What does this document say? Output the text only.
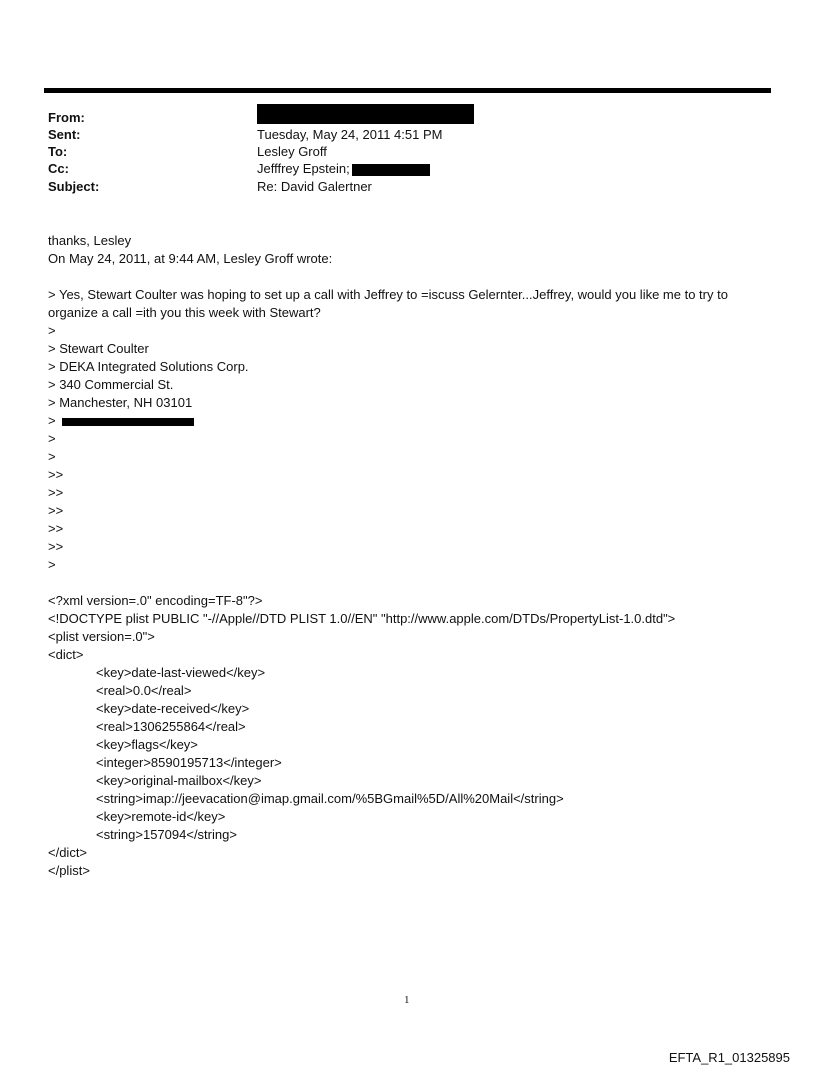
From:
Sent:	Tuesday, May 24, 2011 4:51 PM
To:	Lesley Groff
Cc:	Jefffrey Epstein;
Subject:	Re: David Galertner
thanks, Lesley
On May 24, 2011, at 9:44 AM, Lesley Groff wrote:
> Yes, Stewart Coulter was hoping to set up a call with Jeffrey to =iscuss Gelernter...Jeffrey, would you like me to try to organize a call =ith you this week with Stewart?
>
> Stewart Coulter
> DEKA Integrated Solutions Corp.
> 340 Commercial St.
> Manchester, NH 03101
>
>
>
>>
>>
>>
>>
>>
>
<?xml version=.0" encoding=TF-8"?>
<!DOCTYPE plist PUBLIC "-//Apple//DTD PLIST 1.0//EN" "http://www.apple.com/DTDs/PropertyList-1.0.dtd">
<plist version=.0">
<dict>
<key>date-last-viewed</key>
<real>0.0</real>
<key>date-received</key>
<real>1306255864</real>
<key>flags</key>
<integer>8590195713</integer>
<key>original-mailbox</key>
<string>imap://jeevacation@imap.gmail.com/%5BGmail%5D/All%20Mail</string>
<key>remote-id</key>
<string>157094</string>
</dict>
</plist>
1
EFTA_R1_01325895
